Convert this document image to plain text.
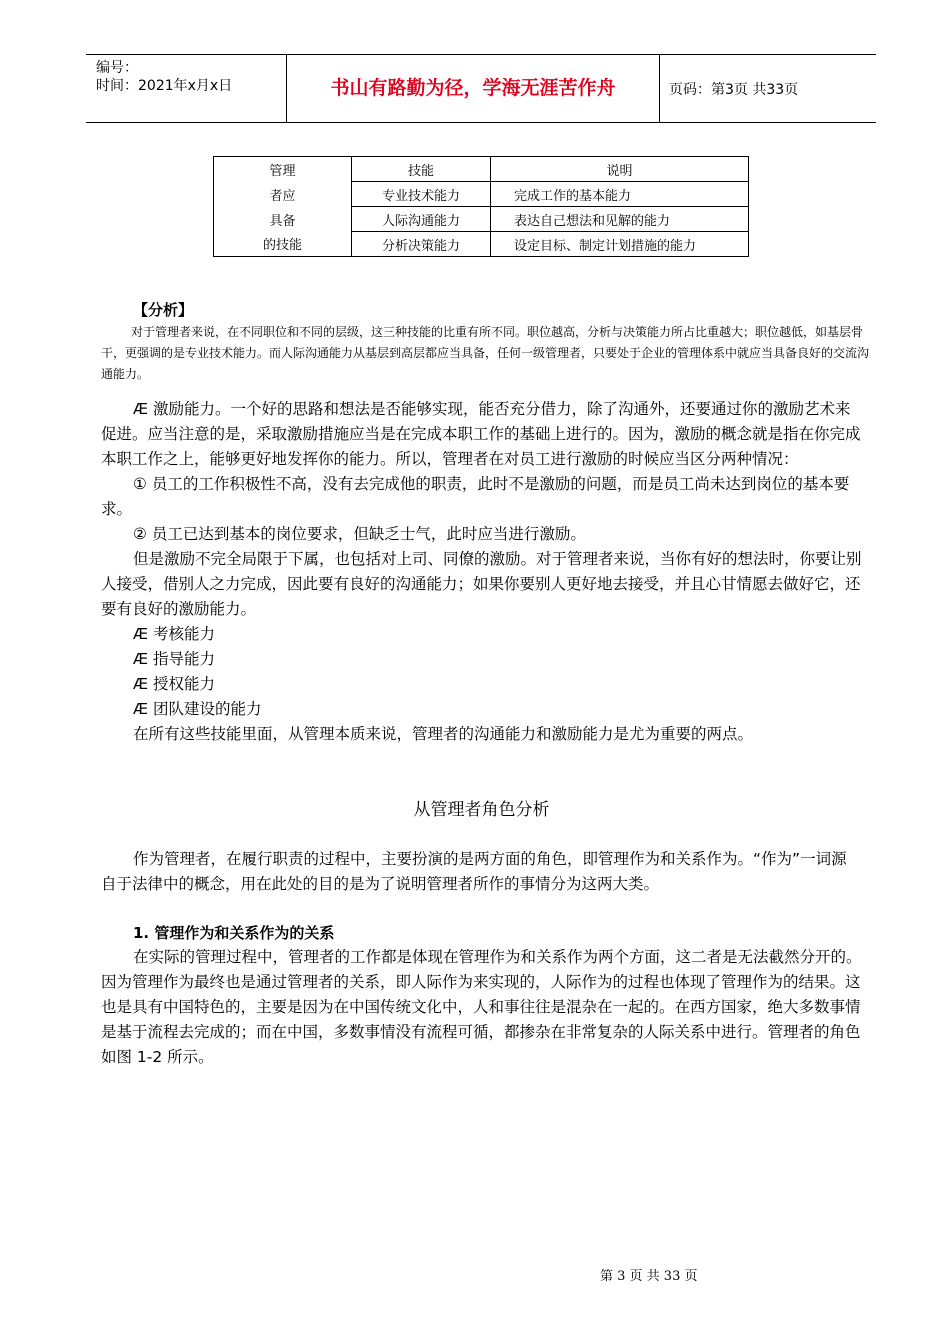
编号：
时间：2021年x月x日	书山有路勤为径，学海无涯苦作舟	页码：第3页 共33页
管理	技能	说明
者应	专业技术能力	完成工作的基本能力
具备	人际沟通能力	表达自己想法和见解的能力
的技能	分析决策能力	设定目标、制定计划措施的能力
【分析】

对于管理者来说，在不同职位和不同的层级，这三种技能的比重有所不同。职位越高，分析与决策能力所占比重越大；职位越低，如基层骨干，更强调的是专业技术能力。而人际沟通能力从基层到高层都应当具备，任何一级管理者，只要处于企业的管理体系中就应当具备良好的交流沟通能力。

Æ 激励能力。一个好的思路和想法是否能够实现，能否充分借力，除了沟通外，还要通过你的激励艺术来促进。应当注意的是，采取激励措施应当是在完成本职工作的基础上进行的。因为，激励的概念就是指在你完成本职工作之上，能够更好地发挥你的能力。所以，管理者在对员工进行激励的时候应当区分两种情况：

① 员工的工作积极性不高，没有去完成他的职责，此时不是激励的问题，而是员工尚未达到岗位的基本要求。

② 员工已达到基本的岗位要求，但缺乏士气，此时应当进行激励。

但是激励不完全局限于下属，也包括对上司、同僚的激励。对于管理者来说，当你有好的想法时，你要让别人接受，借别人之力完成，因此要有良好的沟通能力；如果你要别人更好地去接受，并且心甘情愿去做好它，还要有良好的激励能力。

Æ 考核能力

Æ 指导能力

Æ 授权能力

Æ 团队建设的能力

在所有这些技能里面，从管理本质来说，管理者的沟通能力和激励能力是尤为重要的两点。

从管理者角色分析

作为管理者，在履行职责的过程中，主要扮演的是两方面的角色，即管理作为和关系作为。“作为”一词源自于法律中的概念，用在此处的目的是为了说明管理者所作的事情分为这两大类。

1. 管理作为和关系作为的关系

在实际的管理过程中，管理者的工作都是体现在管理作为和关系作为两个方面，这二者是无法截然分开的。因为管理作为最终也是通过管理者的关系，即人际作为来实现的，人际作为的过程也体现了管理作为的结果。这也是具有中国特色的，主要是因为在中国传统文化中，人和事往往是混杂在一起的。在西方国家，绝大多数事情是基于流程去完成的；而在中国，多数事情没有流程可循，都掺杂在非常复杂的人际关系中进行。管理者的角色如图 1-2 所示。

第 3 页 共 33 页
